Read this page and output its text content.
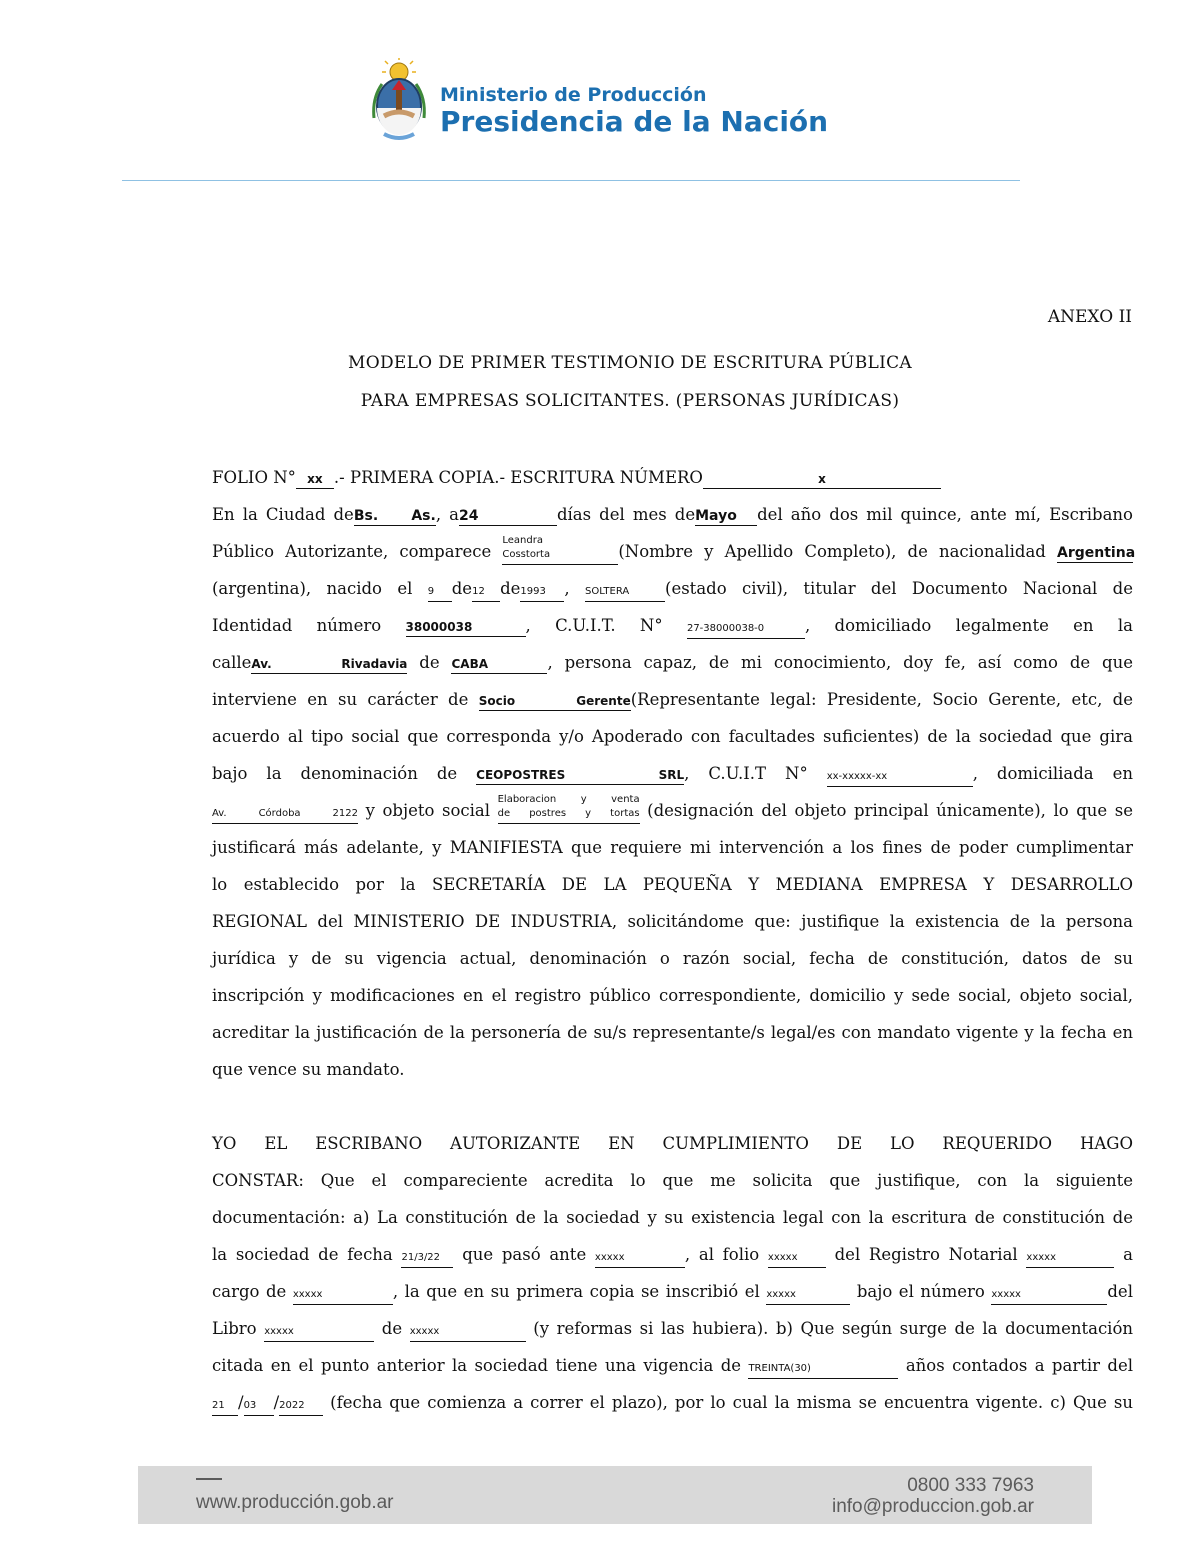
Ministerio de Producción
Presidencia de la Nación
ANEXO II
MODELO DE PRIMER TESTIMONIO DE ESCRITURA PÚBLICA
PARA EMPRESAS SOLICITANTES. (PERSONAS JURÍDICAS)
FOLIO N° xx .- PRIMERA COPIA.- ESCRITURA NÚMERO	x
En la Ciudad deBs. As., a24	días del mes deMayo del año dos mil quince, ante mí, Escribano
Público Autorizante, comparece
Leandra
Cosstorta	(Nombre y Apellido Completo), de nacionalidad Argentina
(argentina), nacido el 9 de12 de1993 , SOLTERA (estado civil), titular del Documento Nacional de
Identidad número 38000038	, C.U.I.T. N° 27-38000038-0 , domiciliado legalmente en la
calleAv. Rivadavia de CABA	, persona capaz, de mi conocimiento, doy fe, así como de que
interviene en su carácter de Socio Gerente(Representante legal: Presidente, Socio Gerente, etc, de
acuerdo al tipo social que corresponda y/o Apoderado con facultades suficientes) de la sociedad que gira
bajo la denominación de CEOPOSTRES SRL, C.U.I.T N° xx-xxxxx-xx	, domiciliada en
Av. Córdoba 2122 y objeto social
Elaboracion y venta
de postres y tortas (designación del objeto principal únicamente), lo que se
justificará más adelante, y MANIFIESTA que requiere mi intervención a los fines de poder cumplimentar
lo establecido por la SECRETARÍA DE LA PEQUEÑA Y MEDIANA EMPRESA Y DESARROLLO
REGIONAL del MINISTERIO DE INDUSTRIA, solicitándome que: justifique la existencia de la persona
jurídica y de su vigencia actual, denominación o razón social, fecha de constitución, datos de su
inscripción y modificaciones en el registro público correspondiente, domicilio y sede social, objeto social,
acreditar la justificación de la personería de su/s representante/s legal/es con mandato vigente y la fecha en
que vence su mandato.
YO EL ESCRIBANO AUTORIZANTE EN CUMPLIMIENTO DE LO REQUERIDO HAGO
CONSTAR: Que el compareciente acredita lo que me solicita que justifique, con la siguiente
documentación: a) La constitución de la sociedad y su existencia legal con la escritura de constitución de
la sociedad de fecha 21/3/22 que pasó ante xxxxx	, al folio xxxxx del Registro Notarial xxxxx	a
cargo de xxxxx	, la que en su primera copia se inscribió el xxxxx	bajo el número xxxxx	del
Libro xxxxx	de xxxxx	(y reformas si las hubiera). b) Que según surge de la documentación
citada en el punto anterior la sociedad tiene una vigencia de TREINTA(30)	años contados a partir del
21 /03 /2022 (fecha que comienza a correr el plazo), por lo cual la misma se encuentra vigente. c) Que su
www.producción.gob.ar
0800 333 7963
info@produccion.gob.ar
